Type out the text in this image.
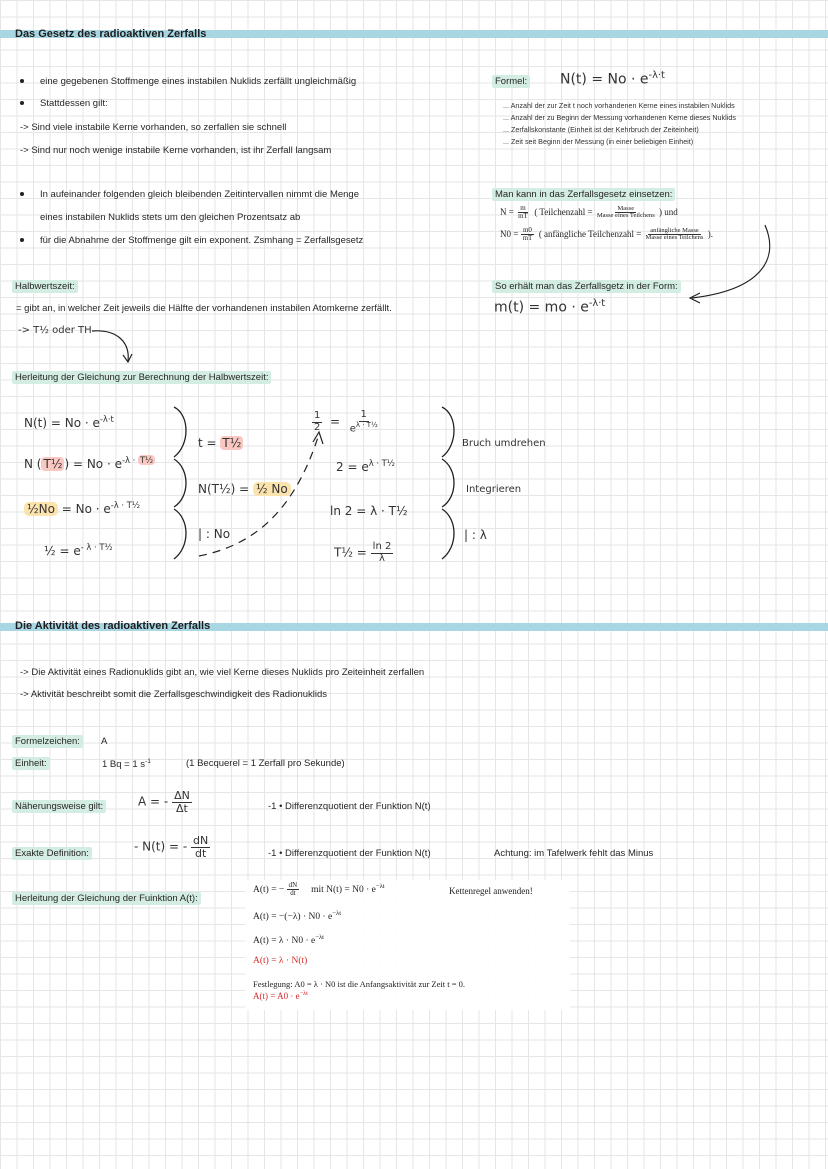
Das Gesetz des radioaktiven Zerfalls
eine gegebenen Stoffmenge eines instabilen Nuklids zerfällt ungleichmäßig
Stattdessen gilt:
-> Sind viele instabile Kerne vorhanden, so zerfallen sie schnell
-> Sind nur noch wenige instabile Kerne vorhanden, ist ihr Zerfall langsam
In aufeinander folgenden gleich bleibenden Zeitintervallen nimmt die Menge
eines instabilen Nuklids stets um den gleichen Prozentsatz ab
für die Abnahme der Stoffmenge gilt ein exponent. Zsmhang = Zerfallsgesetz
Formel: $N(t) = No \cdot e^{-\lambda\cdot t}$
... Anzahl der zur Zeit t noch vorhandenen Kerne eines instabilen Nuklids
... Anzahl der zu Beginn der Messung vorhandenen Kerne dieses Nuklids
... Zerfallskonstante (Einheit ist der Kehrbruch der Zeiteinheit)
... Zeit seit Beginn der Messung (in einer beliebigen Einheit)
Man kann in das Zerfallsgesetz einsetzen:
$N = \frac{m}{mT}$ ( Teilchenzahl = $\frac{\text{Masse}}{\text{Masse eines Teilchens}}$ ) und
$N0 = \frac{m0}{mT}$ ( anfängliche Teilchenzahl = $\frac{\text{anfängliche Masse}}{\text{Masse eines Teilchens}}$ ).
So erhält man das Zerfallsgetz in der Form:
m(t) = mo · $e^{-\lambda\cdot t}$
Halbwertszeit:
= gibt an, in welcher Zeit jeweils die Hälfte der vorhandenen instabilen Atomkerne zerfällt.
-> T½ oder TH
Herleitung der Gleichung zur Berechnung der Halbwertszeit:
$N(t) = No \cdot e^{-\lambda\cdot t}$
N ( T½ ) = $No \cdot e^{-\lambda \cdot T\frac{1}{2}}$
½No = $No \cdot e^{-\lambda \cdot T\frac{1}{2}}$
½ = $e^{- \lambda \cdot T\frac{1}{2}}$
t = T½
N(T½) = ½ No
| : No
$\frac{1}{2} = \frac{1}{e^{\lambda \cdot T\frac{1}{2}}}$
$2 = e^{\lambda \cdot T\frac{1}{2}}$
ln 2 = λ · T½
T½ = $\frac{\ln 2}{\lambda}$
Bruch umdrehen
Integrieren
| : λ
Die Aktivität des radioaktiven Zerfalls
-> Die Aktivität eines Radionuklids gibt an, wie viel Kerne dieses Nuklids pro Zeiteinheit zerfallen
-> Aktivität beschreibt somit die Zerfallsgeschwindigkeit des Radionuklids
Formelzeichen:	A
Einheit:	1 Bq = 1 $s^{-1}$	(1 Becquerel = 1 Zerfall pro Sekunde)
Näherungsweise gilt:	A = - $\frac{\Delta N}{\Delta t}$	-1 • Differenzquotient der Funktion N(t)
Exakte Definition:	- N(t) = - $\frac{dN}{dt}$	-1 • Differenzquotient der Funktion N(t)	Achtung: im Tafelwerk fehlt das Minus
Herleitung der Gleichung der Fuinktion A(t):
A(t) = − $\frac{dN}{dt}$ mit $N(t) = N0 \cdot e^{-\lambda t}$	Kettenregel anwenden!
$A(t) = -(-\lambda) \cdot N0 \cdot e^{-\lambda t}$
$A(t) = \lambda \cdot N0 \cdot e^{-\lambda t}$
A(t) = λ · N(t)
Festlegung: A0 = λ · N0 ist die Anfangsaktivität zur Zeit t = 0.
$A(t) = A0 \cdot e^{-\lambda t}$
